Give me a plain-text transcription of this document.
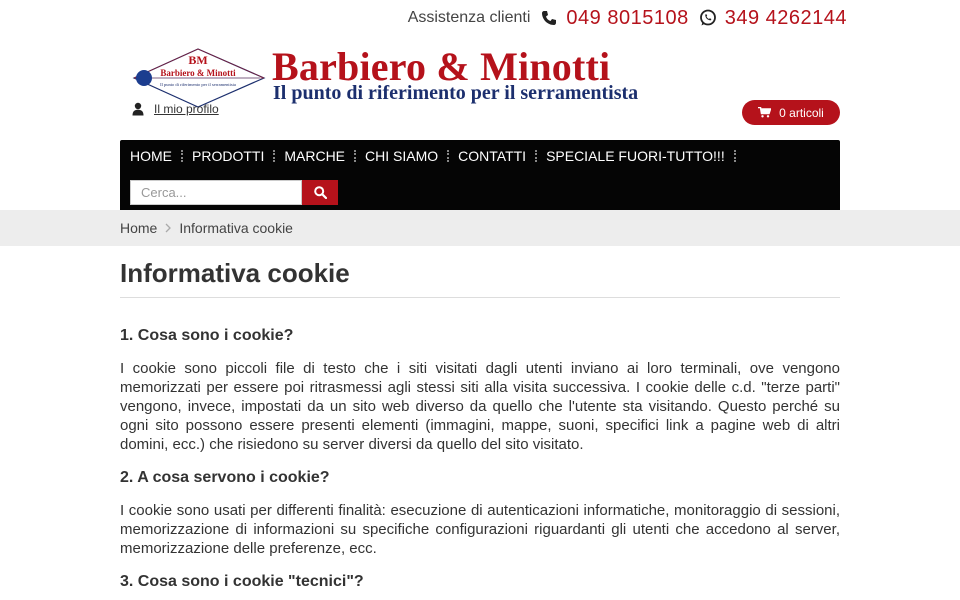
Assistenza clienti 049 8015108 349 4262144
BM
Barbiero & Minotti
Il punto di riferimento per il serramentista Barbiero & Minotti
Il punto di riferimento per il serramentista
Il mio profilo	0 articoli
HOME PRODOTTI MARCHE CHI SIAMO CONTATTI SPECIALE FUORI-TUTTO!!!
Cerca...
Home Informativa cookie
Informativa cookie
1. Cosa sono i cookie?

I cookie sono piccoli file di testo che i siti visitati dagli utenti inviano ai loro terminali, ove vengono memorizzati per essere poi ritrasmessi agli stessi siti alla visita successiva. I cookie delle c.d. "terze parti" vengono, invece, impostati da un sito web diverso da quello che l'utente sta visitando. Questo perché su ogni sito possono essere presenti elementi (immagini, mappe, suoni, specifici link a pagine web di altri domini, ecc.) che risiedono su server diversi da quello del sito visitato.

2. A cosa servono i cookie?

I cookie sono usati per differenti finalità: esecuzione di autenticazioni informatiche, monitoraggio di sessioni, memorizzazione di informazioni su specifiche configurazioni riguardanti gli utenti che accedono al server, memorizzazione delle preferenze, ecc.

3. Cosa sono i cookie "tecnici"?
